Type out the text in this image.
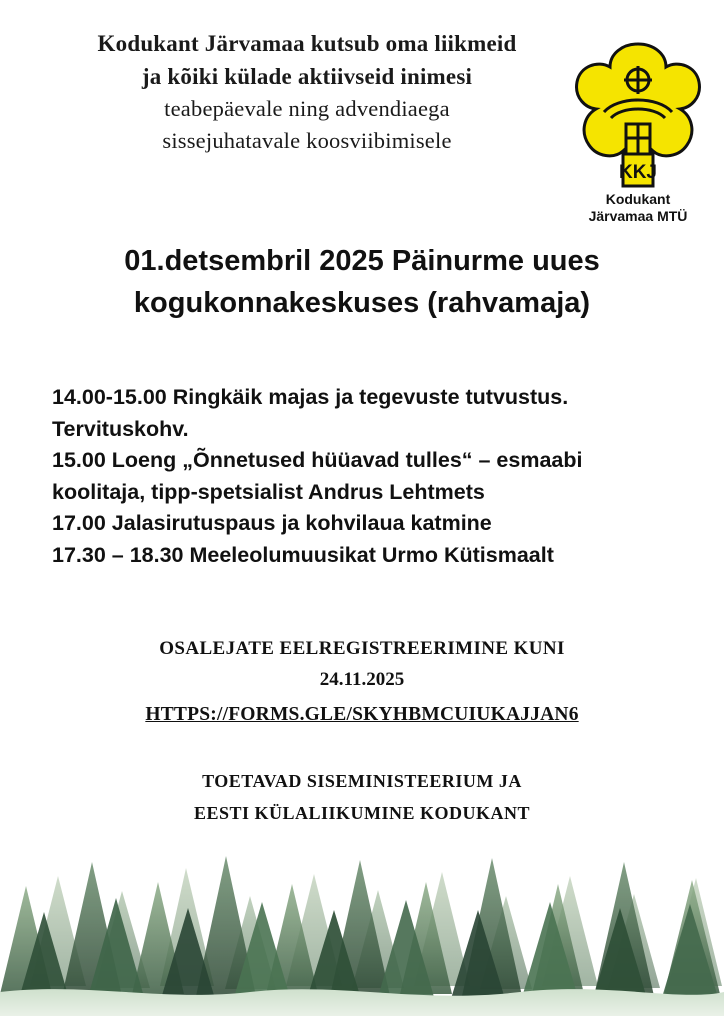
Kodukant Järvamaa kutsub oma liikmeid
ja kõiki külade aktiivseid inimesi
teabepäevale ning advendiaega
sissejuhatavale koosviibimisele
KKJ
Kodukant
Järvamaa MTÜ
01.detsembril 2025 Päinurme uues
kogukonnakeskuses (rahvamaja)
14.00-15.00 Ringkäik majas ja tegevuste tutvustus.
Tervituskohv.
15.00 Loeng „Õnnetused hüüavad tulles“ – esmaabi
koolitaja, tipp-spetsialist Andrus Lehtmets
17.00 Jalasirutuspaus ja kohvilaua katmine
17.30 – 18.30 Meeleolumuusikat Urmo Kütismaalt
OSALEJATE EELREGISTREERIMINE KUNI
24.11.2025
HTTPS://FORMS.GLE/SKYHBMCUIUKAJJAN6
TOETAVAD SISEMINISTEERIUM JA
EESTI KÜLALIIKUMINE KODUKANT
